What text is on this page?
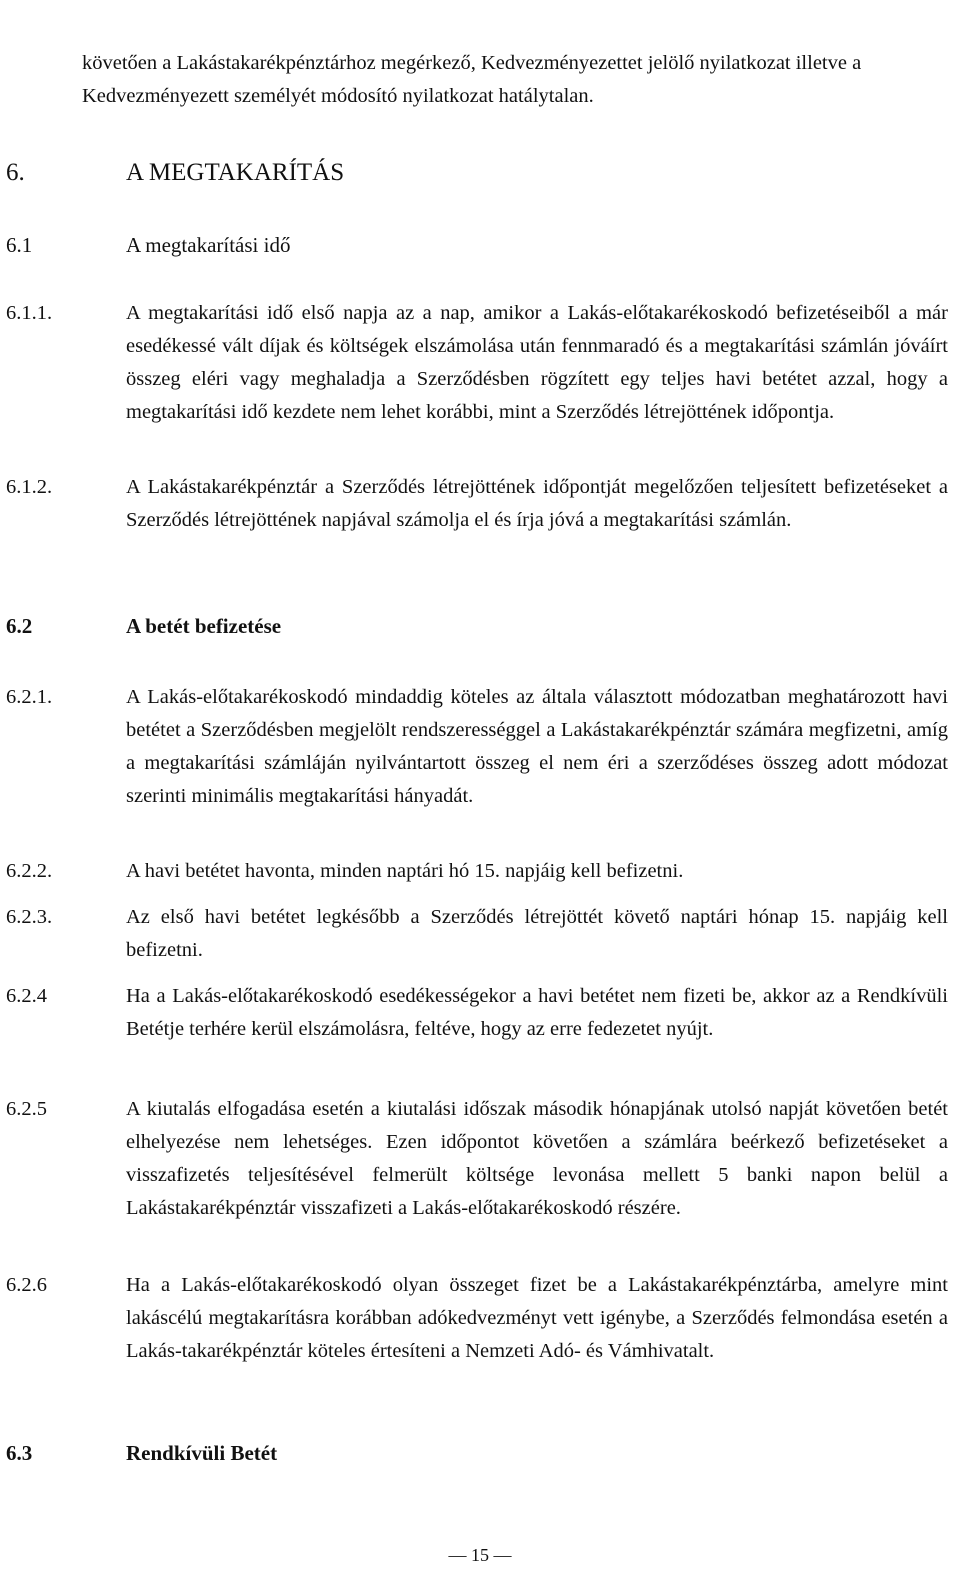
követően a Lakástakarékpénztárhoz megérkező, Kedvezményezettet jelölő nyilatkozat illetve a Kedvezményezett személyét módosító nyilatkozat hatálytalan.
6.	A MEGTAKARÍTÁS
6.1	A megtakarítási idő
6.1.1.	A megtakarítási idő első napja az a nap, amikor a Lakás-előtakarékoskodó befizetéseiből a már esedékessé vált díjak és költségek elszámolása után fennmaradó és a megtakarítási számlán jóváírt összeg eléri vagy meghaladja a Szerződésben rögzített egy teljes havi betétet azzal, hogy a megtakarítási idő kezdete nem lehet korábbi, mint a Szerződés létrejöttének időpontja.
6.1.2.	A Lakástakarékpénztár a Szerződés létrejöttének időpontját megelőzően teljesített befizetéseket a Szerződés létrejöttének napjával számolja el és írja jóvá a megtakarítási számlán.
6.2	A betét befizetése
6.2.1.	A Lakás-előtakarékoskodó mindaddig köteles az általa választott módozatban meghatározott havi betétet a Szerződésben megjelölt rendszerességgel a Lakástakarékpénztár számára megfizetni, amíg a megtakarítási számláján nyilvántartott összeg el nem éri a szerződéses összeg adott módozat szerinti minimális megtakarítási hányadát.
6.2.2.	A havi betétet havonta, minden naptári hó 15. napjáig kell befizetni.
6.2.3.	Az első havi betétet legkésőbb a Szerződés létrejöttét követő naptári hónap 15. napjáig kell befizetni.
6.2.4	Ha a Lakás-előtakarékoskodó esedékességekor a havi betétet nem fizeti be, akkor az a Rendkívüli Betétje terhére kerül elszámolásra, feltéve, hogy az erre fedezetet nyújt.
6.2.5	A kiutalás elfogadása esetén a kiutalási időszak második hónapjának utolsó napját követően betét elhelyezése nem lehetséges. Ezen időpontot követően a számlára beérkező befizetéseket a visszafizetés teljesítésével felmerült költsége levonása mellett 5 banki napon belül a Lakástakarékpénztár visszafizeti a Lakás-előtakarékoskodó részére.
6.2.6	Ha a Lakás-előtakarékoskodó olyan összeget fizet be a Lakástakarékpénztárba, amelyre mint lakáscélú megtakarításra korábban adókedvezményt vett igénybe, a Szerződés felmondása esetén a Lakás-takarékpénztár köteles értesíteni a Nemzeti Adó- és Vámhivatalt.
6.3	Rendkívüli Betét
— 15 —
